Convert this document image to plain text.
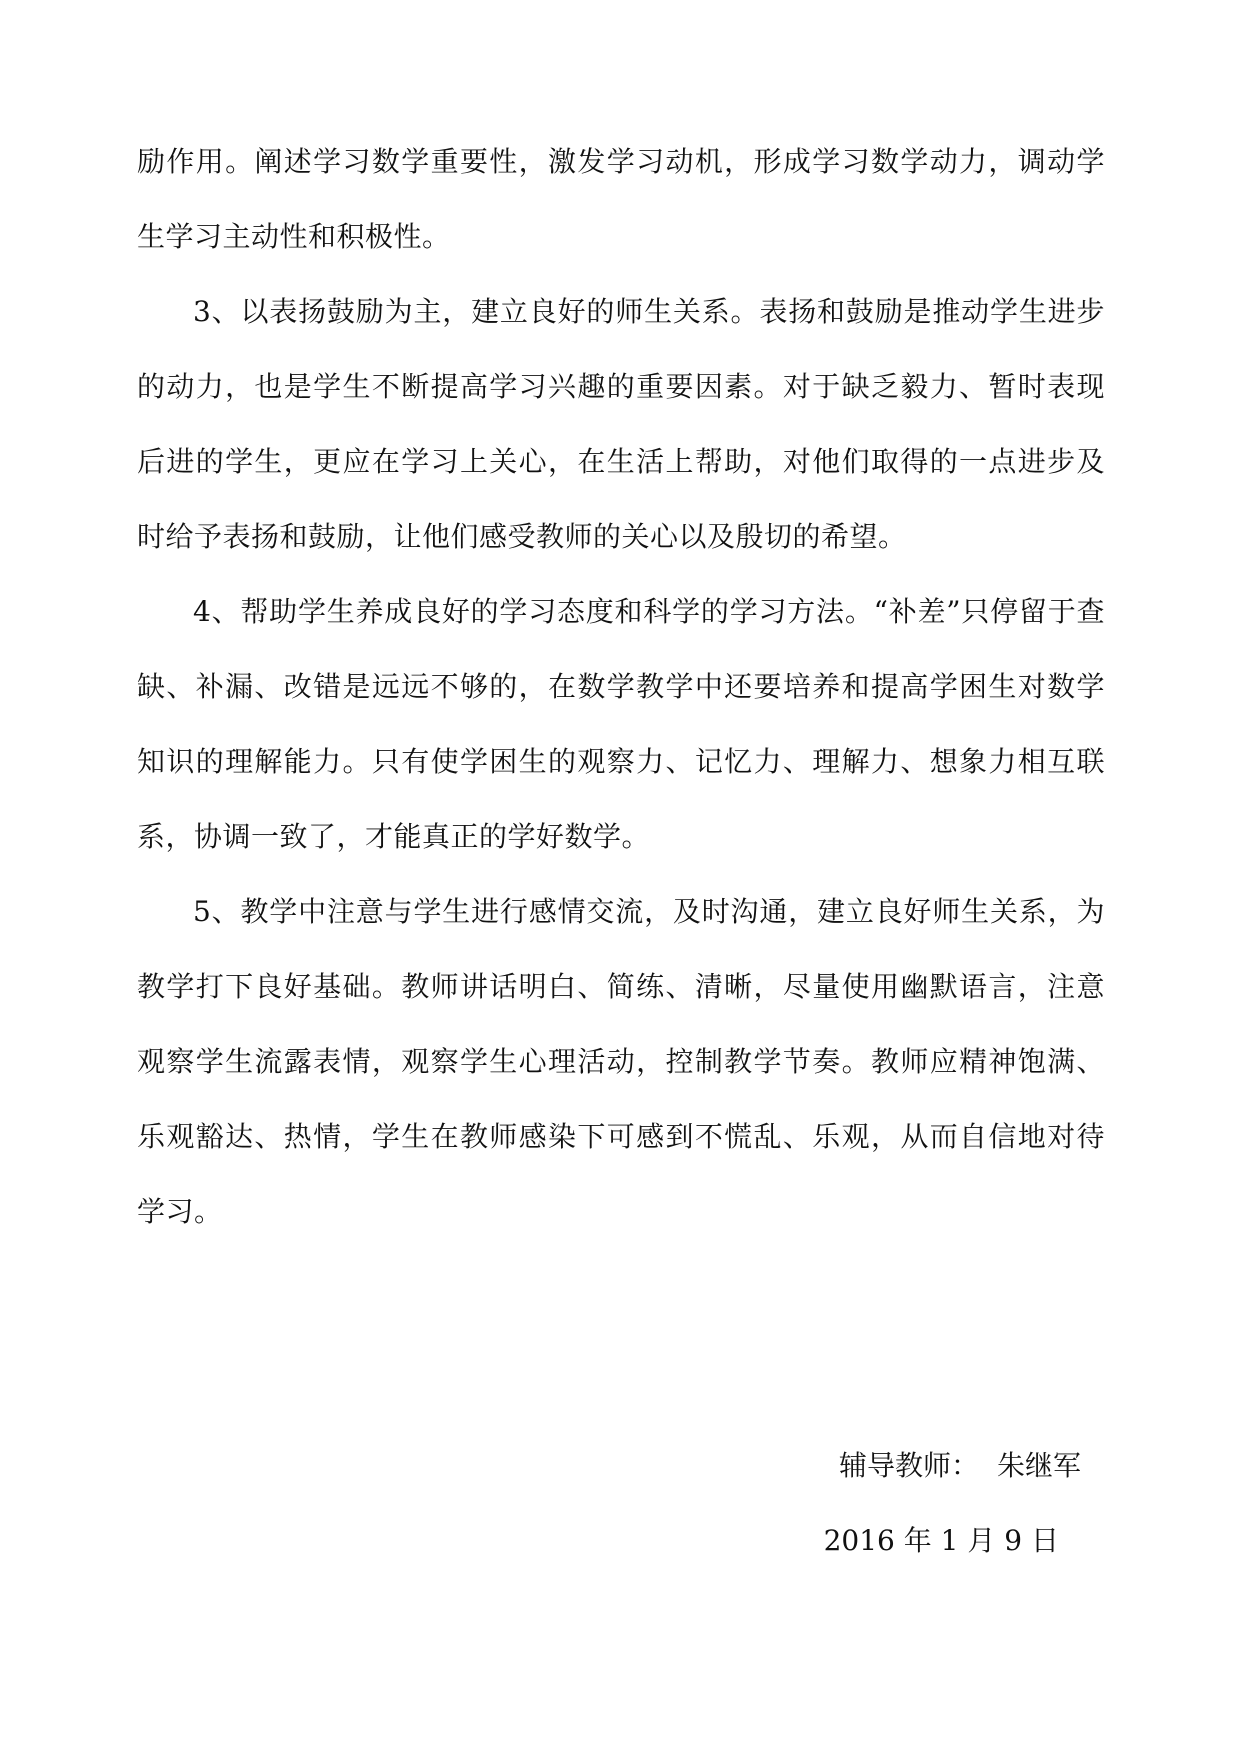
励作用。阐述学习数学重要性，激发学习动机，形成学习数学动力，调动学生学习主动性和积极性。

3、以表扬鼓励为主，建立良好的师生关系。表扬和鼓励是推动学生进步的动力，也是学生不断提高学习兴趣的重要因素。对于缺乏毅力、暂时表现后进的学生，更应在学习上关心，在生活上帮助，对他们取得的一点进步及时给予表扬和鼓励，让他们感受教师的关心以及殷切的希望。

4、帮助学生养成良好的学习态度和科学的学习方法。“补差”只停留于查缺、补漏、改错是远远不够的，在数学教学中还要培养和提高学困生对数学知识的理解能力。只有使学困生的观察力、记忆力、理解力、想象力相互联系，协调一致了，才能真正的学好数学。

5、教学中注意与学生进行感情交流，及时沟通，建立良好师生关系，为教学打下良好基础。教师讲话明白、简练、清晰，尽量使用幽默语言，注意观察学生流露表情，观察学生心理活动，控制教学节奏。教师应精神饱满、乐观豁达、热情，学生在教师感染下可感到不慌乱、乐观，从而自信地对待学习。

辅导教师： 朱继军
2016 年 1 月 9 日
